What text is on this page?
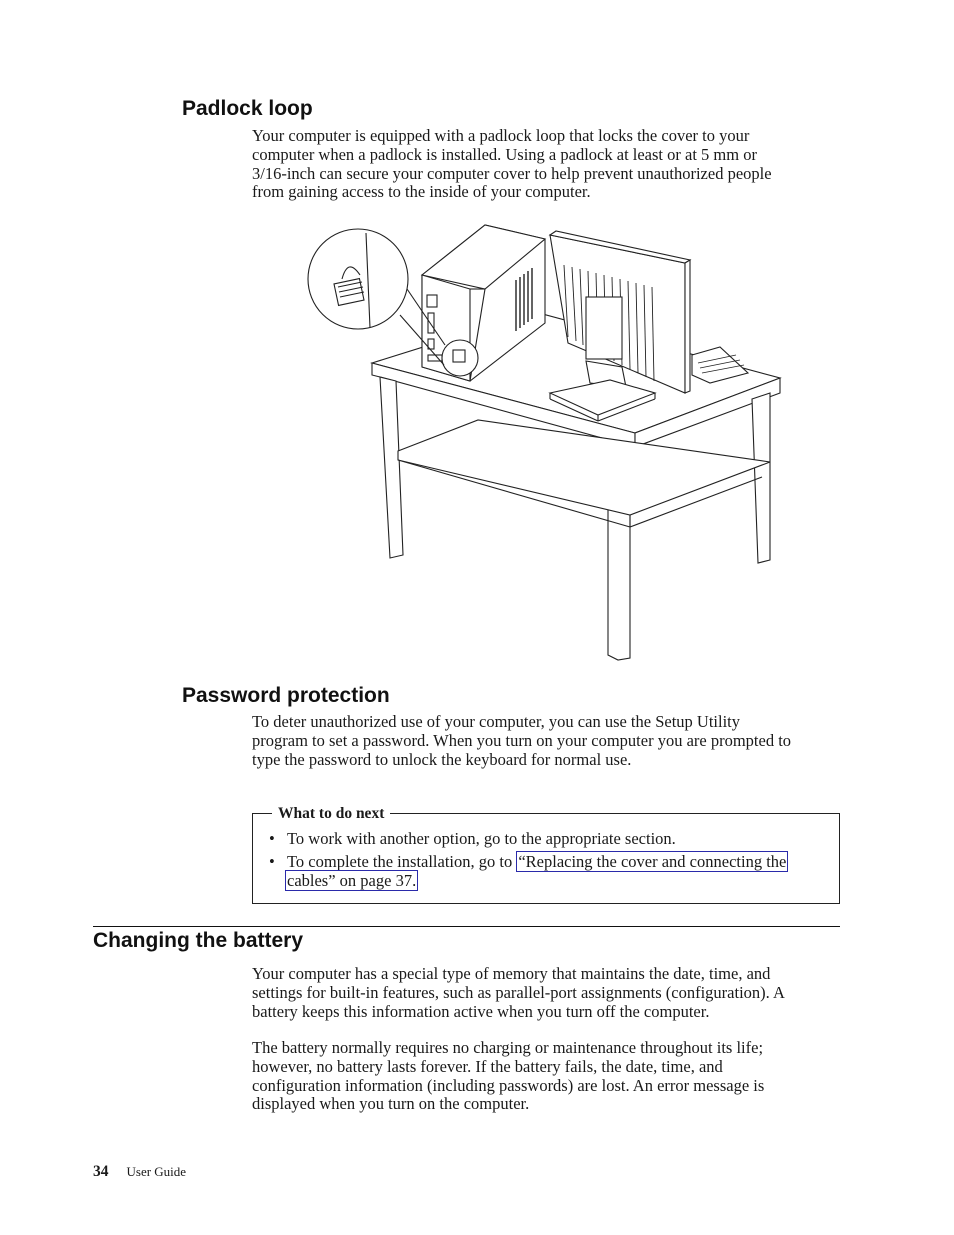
Padlock loop
Your computer is equipped with a padlock loop that locks the cover to your
computer when a padlock is installed. Using a padlock at least or at 5 mm or
3/16-inch can secure your computer cover to help prevent unauthorized people
from gaining access to the inside of your computer.
Password protection
To deter unauthorized use of your computer, you can use the Setup Utility
program to set a password. When you turn on your computer you are prompted to
type the password to unlock the keyboard for normal use.
What to do next
• To work with another option, go to the appropriate section.
• To complete the installation, go to “Replacing the cover and connecting the
cables” on page 37.
Changing the battery
Your computer has a special type of memory that maintains the date, time, and
settings for built-in features, such as parallel-port assignments (configuration). A
battery keeps this information active when you turn off the computer.
The battery normally requires no charging or maintenance throughout its life;
however, no battery lasts forever. If the battery fails, the date, time, and
configuration information (including passwords) are lost. An error message is
displayed when you turn on the computer.
34 User Guide
